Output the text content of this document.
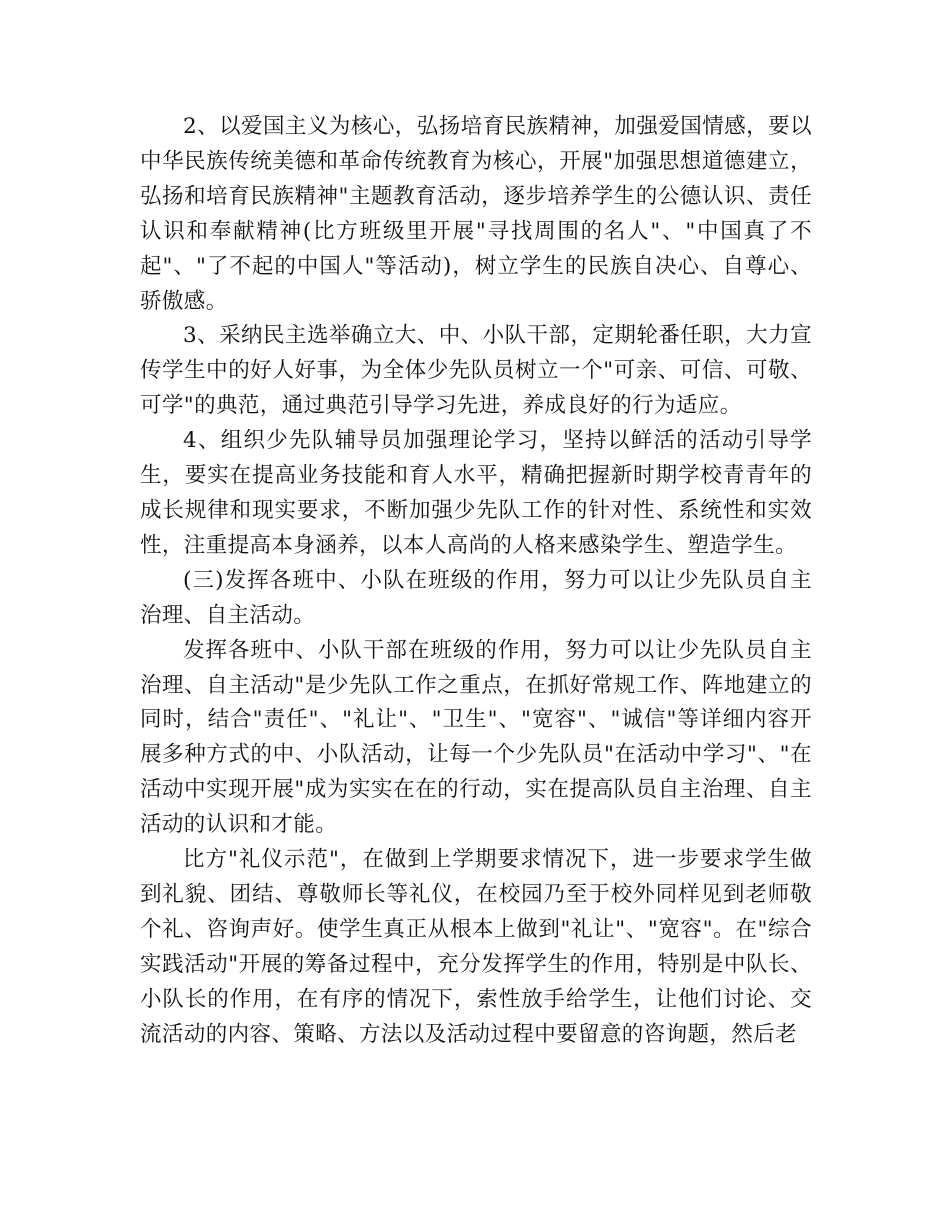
2、以爱国主义为核心，弘扬培育民族精神，加强爱国情感，要以中华民族传统美德和革命传统教育为核心，开展"加强思想道德建立，弘扬和培育民族精神"主题教育活动，逐步培养学生的公德认识、责任认识和奉献精神(比方班级里开展"寻找周围的名人"、"中国真了不起"、"了不起的中国人"等活动)，树立学生的民族自决心、自尊心、骄傲感。

3、采纳民主选举确立大、中、小队干部，定期轮番任职，大力宣传学生中的好人好事，为全体少先队员树立一个"可亲、可信、可敬、可学"的典范，通过典范引导学习先进，养成良好的行为适应。

4、组织少先队辅导员加强理论学习，坚持以鲜活的活动引导学生，要实在提高业务技能和育人水平，精确把握新时期学校青青年的成长规律和现实要求，不断加强少先队工作的针对性、系统性和实效性，注重提高本身涵养，以本人高尚的人格来感染学生、塑造学生。

(三)发挥各班中、小队在班级的作用，努力可以让少先队员自主治理、自主活动。

发挥各班中、小队干部在班级的作用，努力可以让少先队员自主治理、自主活动"是少先队工作之重点，在抓好常规工作、阵地建立的同时，结合"责任"、"礼让"、"卫生"、"宽容"、"诚信"等详细内容开展多种方式的中、小队活动，让每一个少先队员"在活动中学习"、"在活动中实现开展"成为实实在在的行动，实在提高队员自主治理、自主活动的认识和才能。

比方"礼仪示范"，在做到上学期要求情况下，进一步要求学生做到礼貌、团结、尊敬师长等礼仪，在校园乃至于校外同样见到老师敬个礼、咨询声好。使学生真正从根本上做到"礼让"、"宽容"。在"综合实践活动"开展的筹备过程中，充分发挥学生的作用，特别是中队长、小队长的作用，在有序的情况下，索性放手给学生，让他们讨论、交流活动的内容、策略、方法以及活动过程中要留意的咨询题，然后老
